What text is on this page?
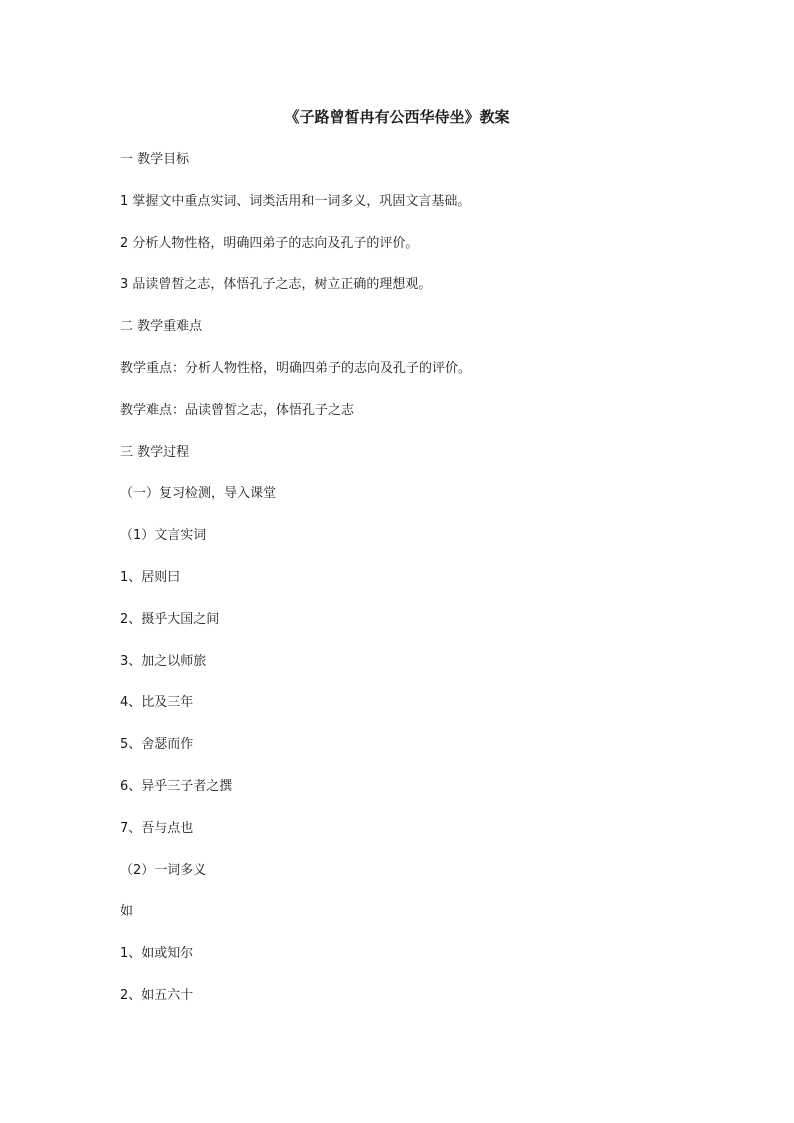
《子路曾皙冉有公西华侍坐》教案
一 教学目标
1 掌握文中重点实词、词类活用和一词多义，巩固文言基础。
2 分析人物性格，明确四弟子的志向及孔子的评价。
3 品读曾皙之志，体悟孔子之志，树立正确的理想观。
二 教学重难点
教学重点：分析人物性格，明确四弟子的志向及孔子的评价。
教学难点：品读曾皙之志，体悟孔子之志
三 教学过程
（一）复习检测，导入课堂
（1）文言实词
1、居则曰
2、摄乎大国之间
3、加之以师旅
4、比及三年
5、舍瑟而作
6、异乎三子者之撰
7、吾与点也
（2）一词多义
如
1、如或知尔
2、如五六十
